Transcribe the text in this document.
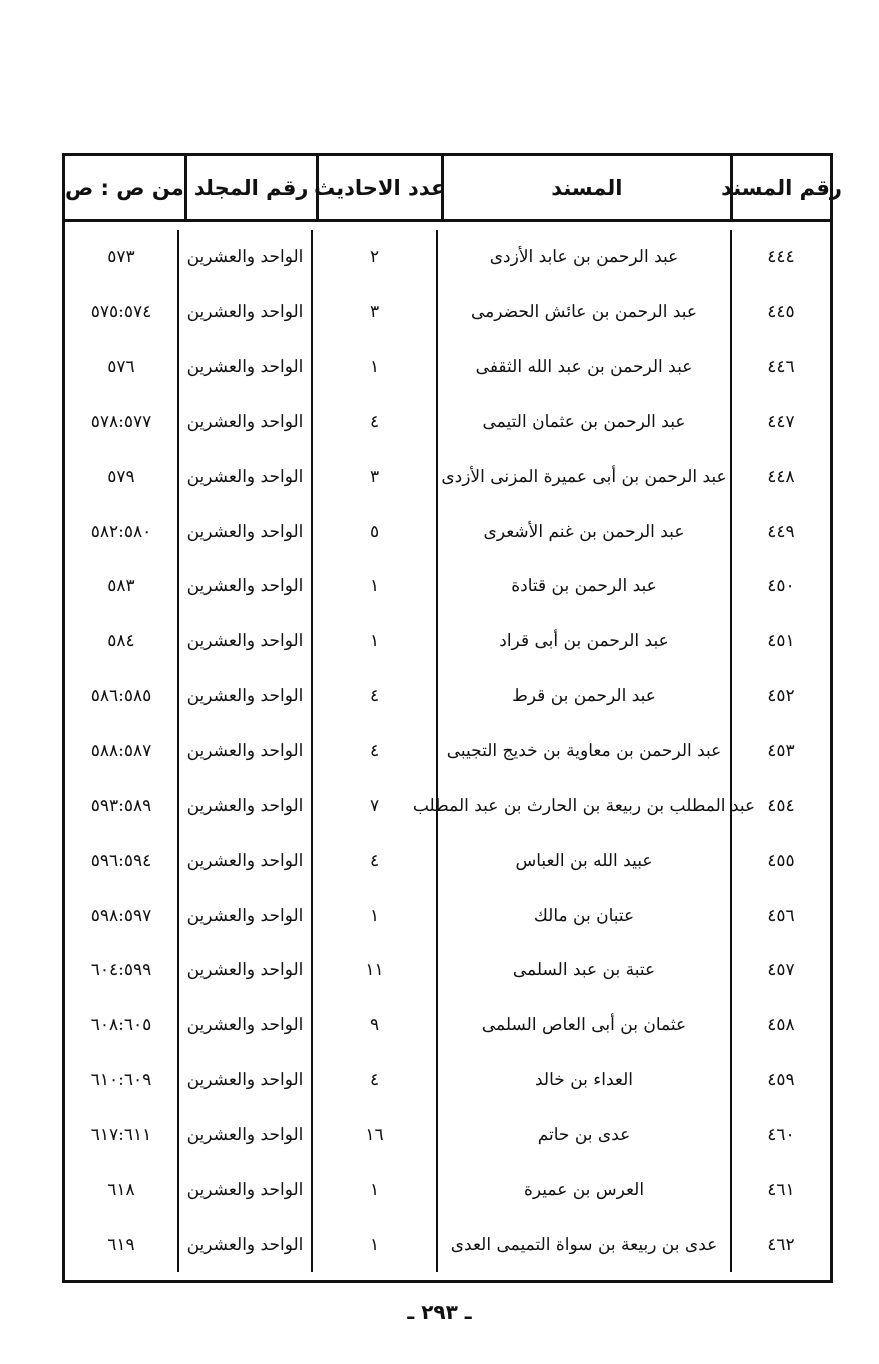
رقم المسند
المسند
عدد الاحاديث
رقم المجلد
من ص : ص
٤٤٤
عبد الرحمن بن عابد الأزدى
٢
الواحد والعشرين
٥٧٣
٤٤٥
عبد الرحمن بن عائش الحضرمى
٣
الواحد والعشرين
٥٧٥:٥٧٤
٤٤٦
عبد الرحمن بن عبد الله الثقفى
١
الواحد والعشرين
٥٧٦
٤٤٧
عبد الرحمن بن عثمان التيمى
٤
الواحد والعشرين
٥٧٨:٥٧٧
٤٤٨
عبد الرحمن بن أبى عميرة المزنى الأزدى
٣
الواحد والعشرين
٥٧٩
٤٤٩
عبد الرحمن بن غنم الأشعرى
٥
الواحد والعشرين
٥٨٢:٥٨٠
٤٥٠
عبد الرحمن بن قتادة
١
الواحد والعشرين
٥٨٣
٤٥١
عبد الرحمن بن أبى قراد
١
الواحد والعشرين
٥٨٤
٤٥٢
عبد الرحمن بن قرط
٤
الواحد والعشرين
٥٨٦:٥٨٥
٤٥٣
عبد الرحمن بن معاوية بن خديج التجيبى
٤
الواحد والعشرين
٥٨٨:٥٨٧
٤٥٤
عبد المطلب بن ربيعة بن الحارث بن عبد المطلب
٧
الواحد والعشرين
٥٩٣:٥٨٩
٤٥٥
عبيد الله بن العباس
٤
الواحد والعشرين
٥٩٦:٥٩٤
٤٥٦
عتبان بن مالك
١
الواحد والعشرين
٥٩٨:٥٩٧
٤٥٧
عتبة بن عبد السلمى
١١
الواحد والعشرين
٦٠٤:٥٩٩
٤٥٨
عثمان بن أبى العاص السلمى
٩
الواحد والعشرين
٦٠٨:٦٠٥
٤٥٩
العداء بن خالد
٤
الواحد والعشرين
٦١٠:٦٠٩
٤٦٠
عدى بن حاتم
١٦
الواحد والعشرين
٦١٧:٦١١
٤٦١
العرس بن عميرة
١
الواحد والعشرين
٦١٨
٤٦٢
عدى بن ربيعة بن سواة التميمى العدى
١
الواحد والعشرين
٦١٩
ـ ٢٩٣ ـ
